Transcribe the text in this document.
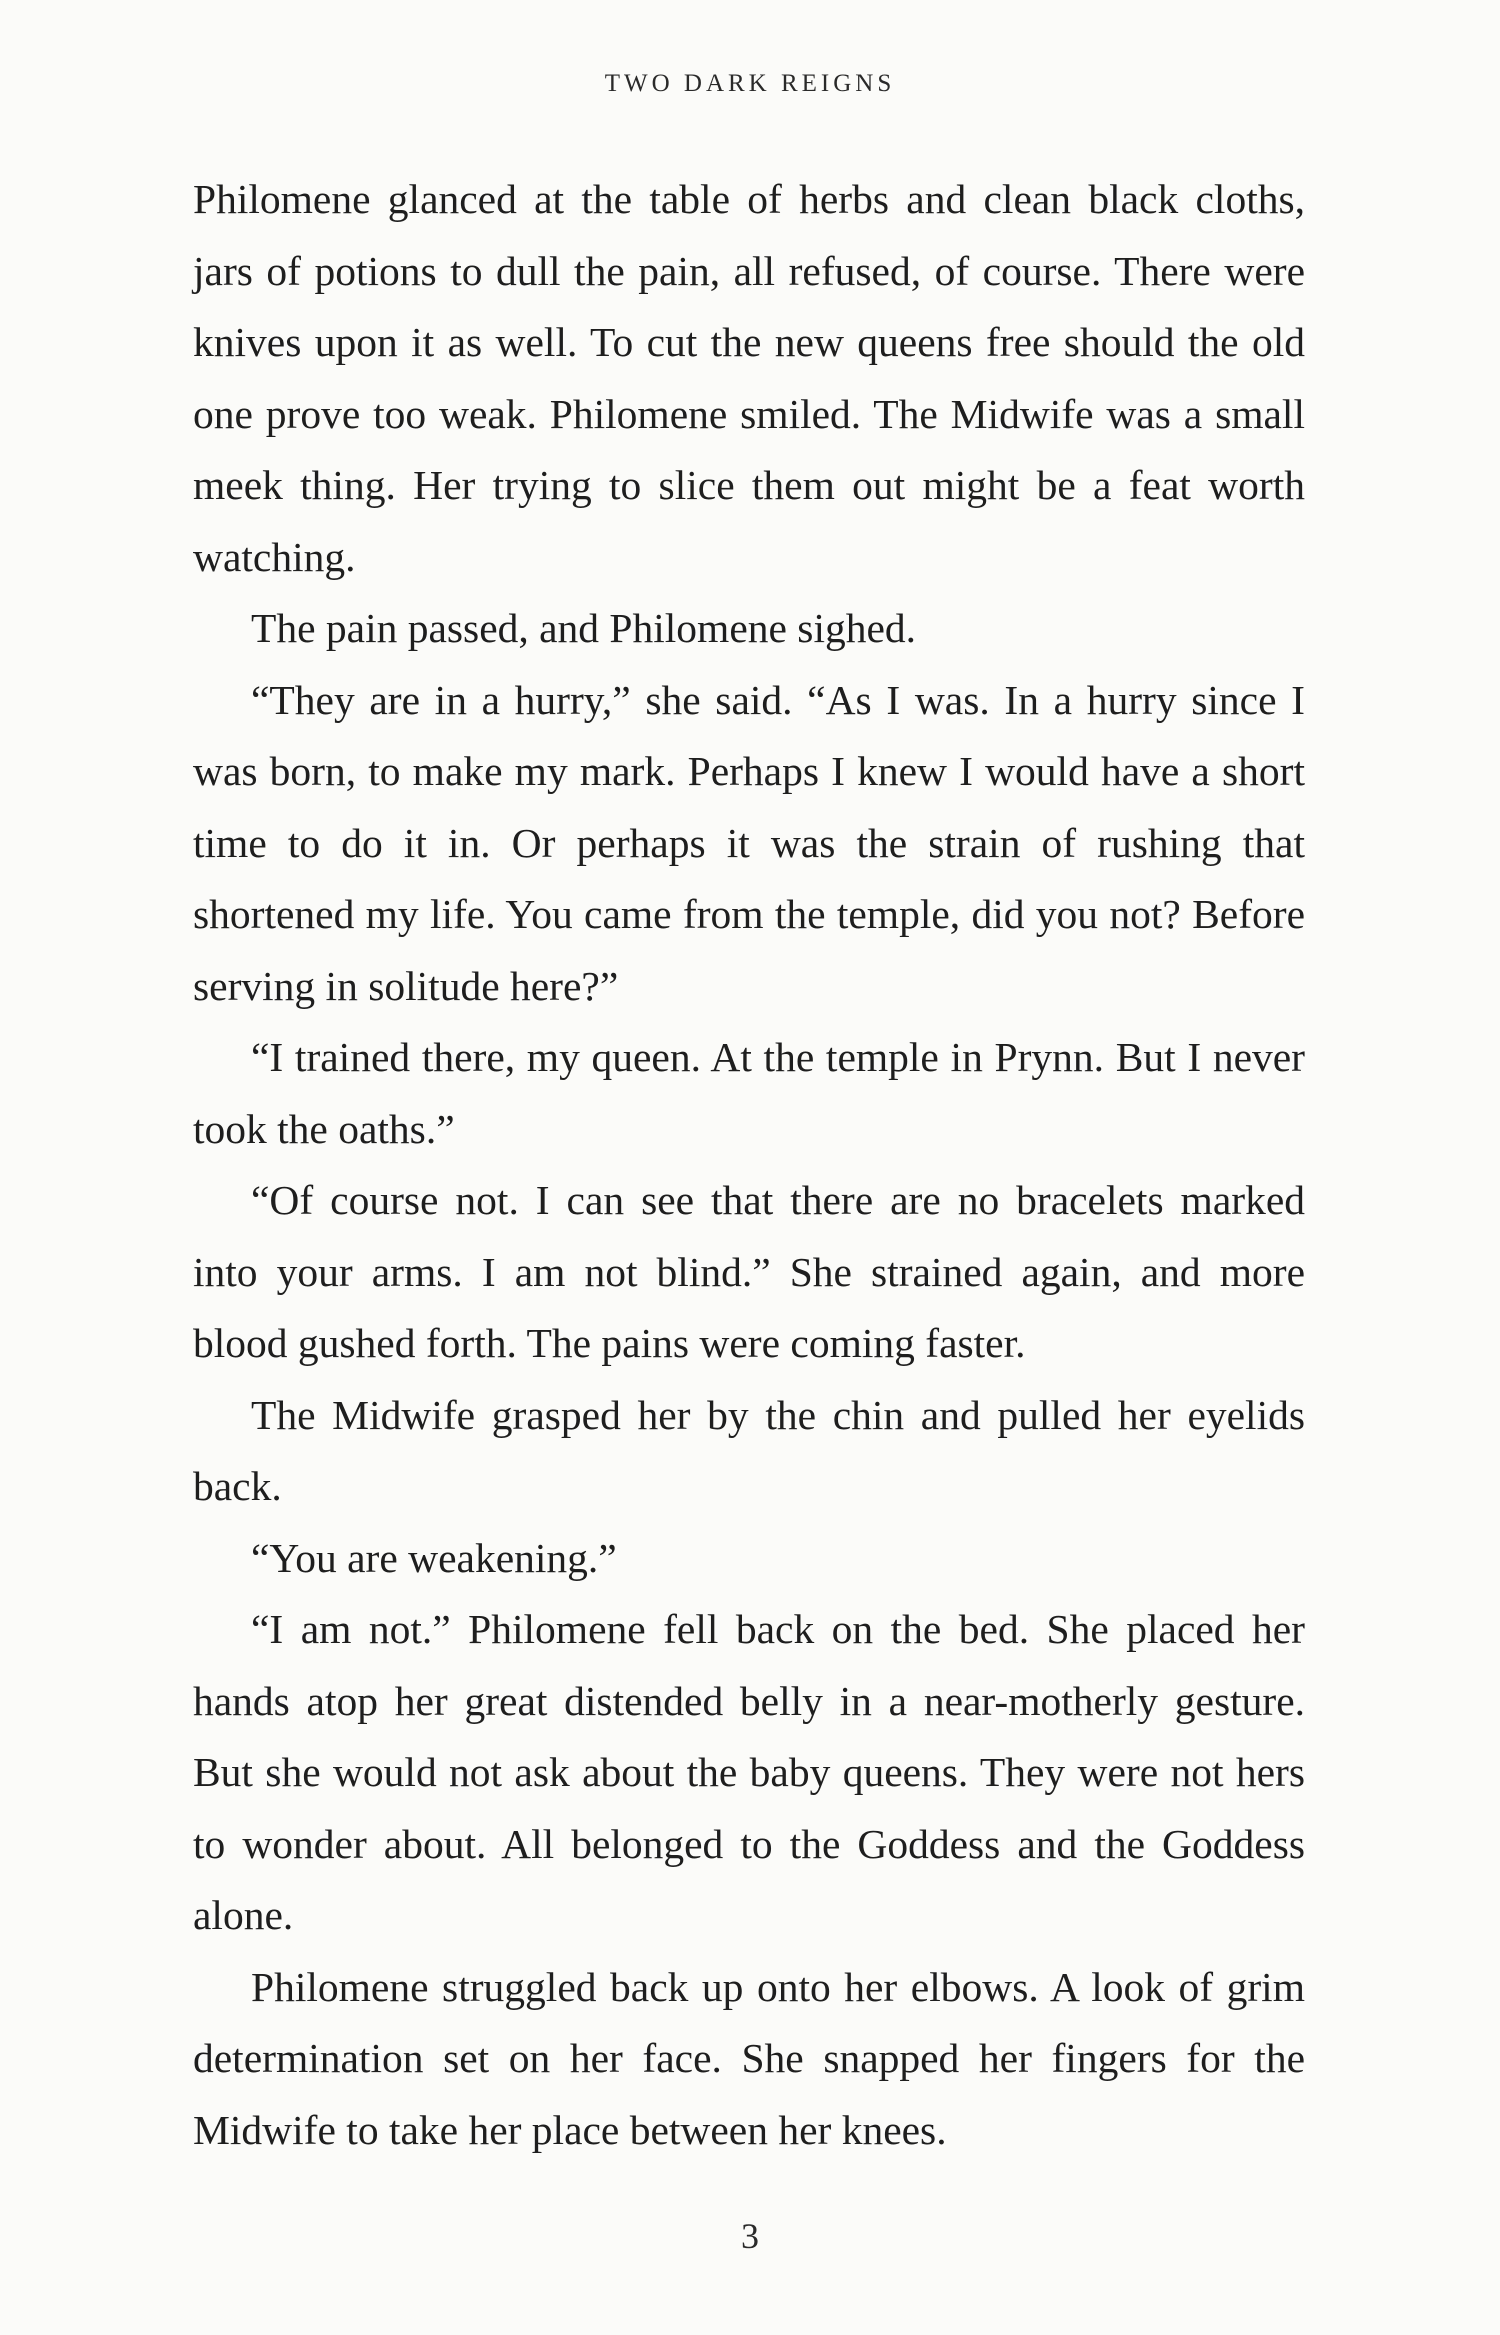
TWO DARK REIGNS

Philomene glanced at the table of herbs and clean black cloths, jars of potions to dull the pain, all refused, of course. There were knives upon it as well. To cut the new queens free should the old one prove too weak. Philomene smiled. The Midwife was a small meek thing. Her trying to slice them out might be a feat worth watching.

The pain passed, and Philomene sighed.

“They are in a hurry,” she said. “As I was. In a hurry since I was born, to make my mark. Perhaps I knew I would have a short time to do it in. Or perhaps it was the strain of rushing that shortened my life. You came from the temple, did you not? Before serving in solitude here?”

“I trained there, my queen. At the temple in Prynn. But I never took the oaths.”

“Of course not. I can see that there are no bracelets marked into your arms. I am not blind.” She strained again, and more blood gushed forth. The pains were coming faster.

The Midwife grasped her by the chin and pulled her eyelids back.

“You are weakening.”

“I am not.” Philomene fell back on the bed. She placed her hands atop her great distended belly in a near-motherly gesture. But she would not ask about the baby queens. They were not hers to wonder about. All belonged to the Goddess and the Goddess alone.

Philomene struggled back up onto her elbows. A look of grim determination set on her face. She snapped her fingers for the Midwife to take her place between her knees.

3
